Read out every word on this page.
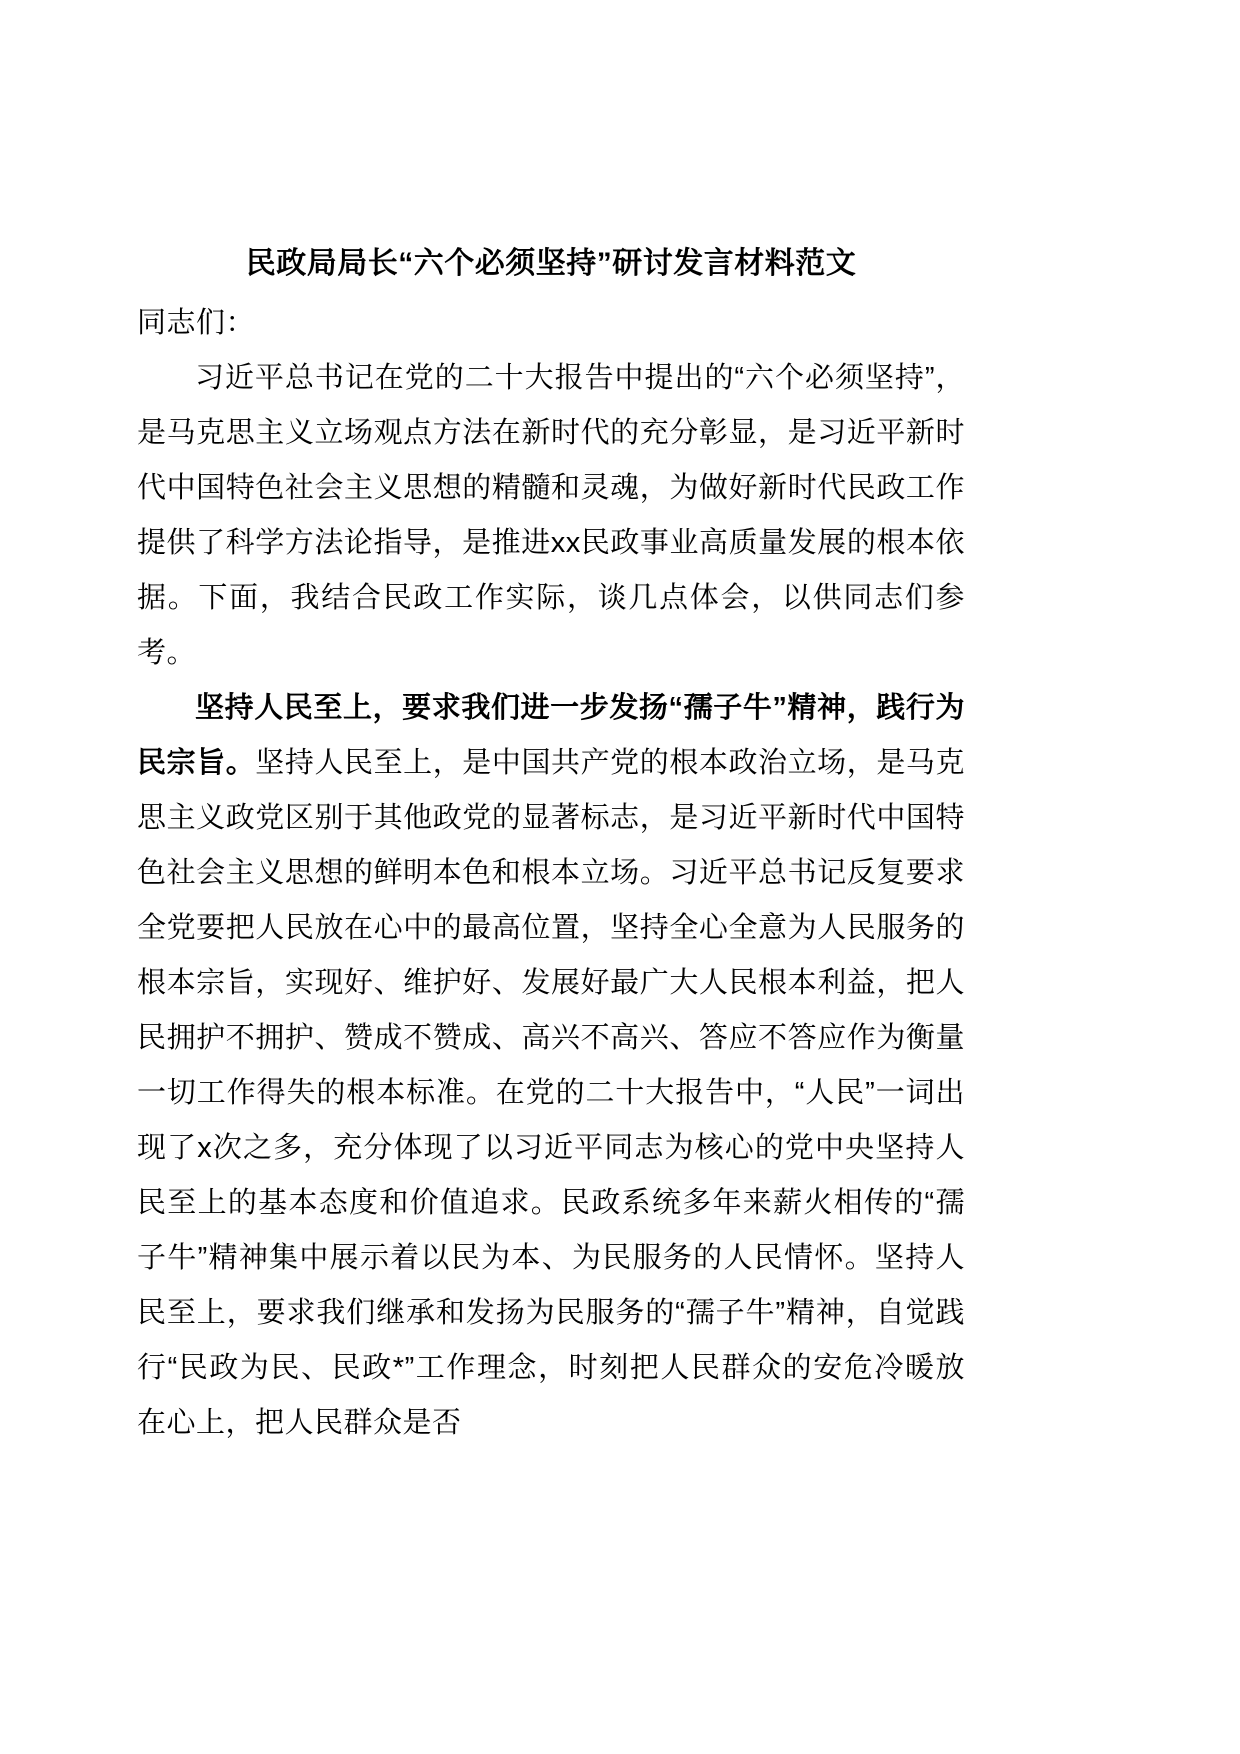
民政局局长“六个必须坚持”研讨发言材料范文
同志们：

习近平总书记在党的二十大报告中提出的“六个必须坚持”，是马克思主义立场观点方法在新时代的充分彰显，是习近平新时代中国特色社会主义思想的精髓和灵魂，为做好新时代民政工作提供了科学方法论指导，是推进xx民政事业高质量发展的根本依据。下面，我结合民政工作实际，谈几点体会，以供同志们参考。

坚持人民至上，要求我们进一步发扬“孺子牛”精神，践行为民宗旨。坚持人民至上，是中国共产党的根本政治立场，是马克思主义政党区别于其他政党的显著标志，是习近平新时代中国特色社会主义思想的鲜明本色和根本立场。习近平总书记反复要求全党要把人民放在心中的最高位置，坚持全心全意为人民服务的根本宗旨，实现好、维护好、发展好最广大人民根本利益，把人民拥护不拥护、赞成不赞成、高兴不高兴、答应不答应作为衡量一切工作得失的根本标准。在党的二十大报告中，“人民”一词出现了x次之多，充分体现了以习近平同志为核心的党中央坚持人民至上的基本态度和价值追求。民政系统多年来薪火相传的“孺子牛”精神集中展示着以民为本、为民服务的人民情怀。坚持人民至上，要求我们继承和发扬为民服务的“孺子牛”精神，自觉践行“民政为民、民政*”工作理念，时刻把人民群众的安危冷暖放在心上，把人民群众是否
